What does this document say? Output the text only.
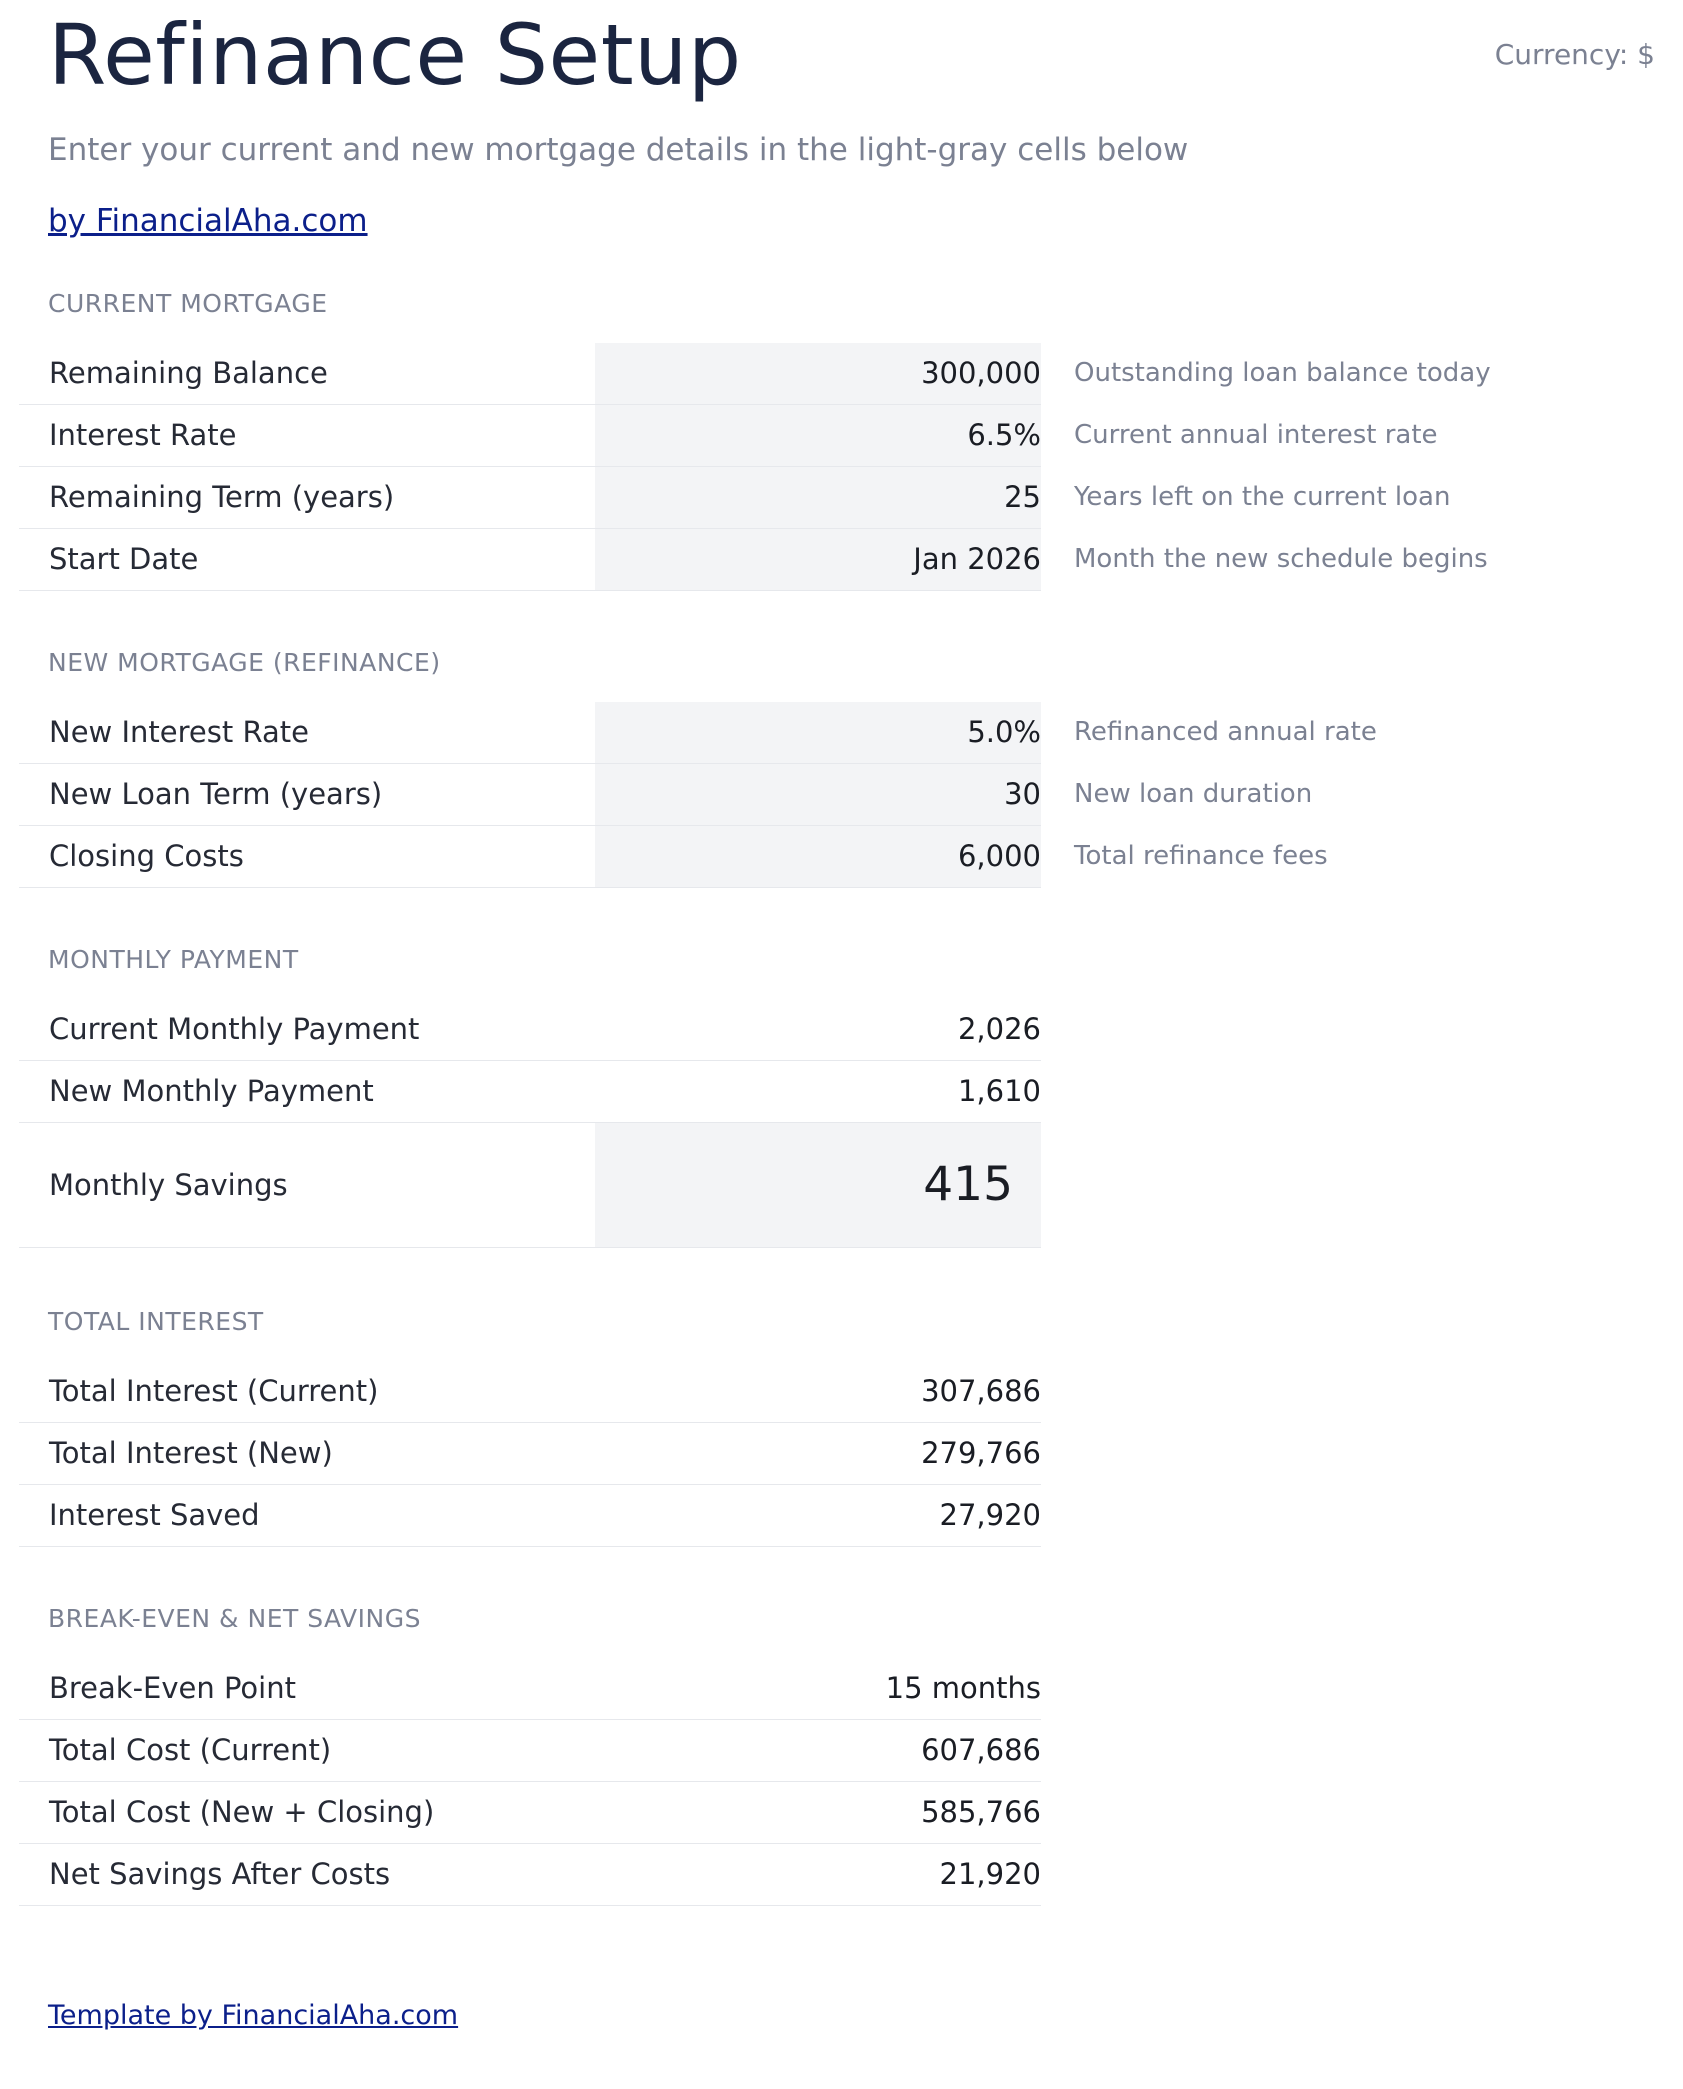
Refinance Setup	Currency: $
Enter your current and new mortgage details in the light-gray cells below
by FinancialAha.com
CURRENT MORTGAGE
Remaining Balance	300,000 Outstanding loan balance today
Interest Rate	6.5% Current annual interest rate
Remaining Term (years)	25 Years left on the current loan
Start Date	Jan 2026 Month the new schedule begins
NEW MORTGAGE (REFINANCE)
New Interest Rate	5.0% Refinanced annual rate
New Loan Term (years)	30 New loan duration
Closing Costs	6,000 Total refinance fees
MONTHLY PAYMENT
Current Monthly Payment	2,026
New Monthly Payment	1,610
Monthly Savings	415
TOTAL INTEREST
Total Interest (Current)	307,686
Total Interest (New)	279,766
Interest Saved	27,920
BREAK-EVEN & NET SAVINGS
Break-Even Point	15 months
Total Cost (Current)	607,686
Total Cost (New + Closing)	585,766
Net Savings After Costs	21,920
Template by FinancialAha.com
